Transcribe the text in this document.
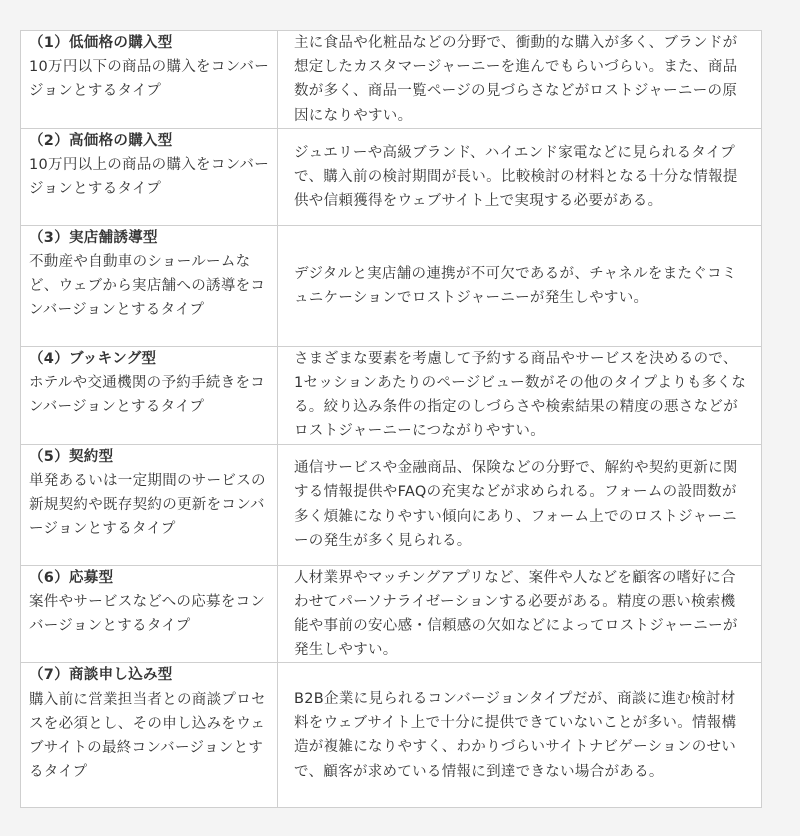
（1）低価格の購入型
10万円以下の商品の購入をコンバージョンとするタイプ	主に食品や化粧品などの分野で、衝動的な購入が多く、ブランドが想定したカスタマージャーニーを進んでもらいづらい。また、商品数が多く、商品一覧ページの見づらさなどがロストジャーニーの原因になりやすい。

（2）高価格の購入型
10万円以上の商品の購入をコンバージョンとするタイプ	ジュエリーや高級ブランド、ハイエンド家電などに見られるタイプで、購入前の検討期間が長い。比較検討の材料となる十分な情報提供や信頼獲得をウェブサイト上で実現する必要がある。

（3）実店舗誘導型
不動産や自動車のショールームなど、ウェブから実店舗への誘導をコンバージョンとするタイプ	デジタルと実店舗の連携が不可欠であるが、チャネルをまたぐコミュニケーションでロストジャーニーが発生しやすい。

（4）ブッキング型
ホテルや交通機関の予約手続きをコンバージョンとするタイプ	さまざまな要素を考慮して予約する商品やサービスを決めるので、1セッションあたりのページビュー数がその他のタイプよりも多くなる。絞り込み条件の指定のしづらさや検索結果の精度の悪さなどがロストジャーニーにつながりやすい。

（5）契約型
単発あるいは一定期間のサービスの新規契約や既存契約の更新をコンバージョンとするタイプ	通信サービスや金融商品、保険などの分野で、解約や契約更新に関する情報提供やFAQの充実などが求められる。フォームの設問数が多く煩雑になりやすい傾向にあり、フォーム上でのロストジャーニーの発生が多く見られる。

（6）応募型
案件やサービスなどへの応募をコンバージョンとするタイプ	人材業界やマッチングアプリなど、案件や人などを顧客の嗜好に合わせてパーソナライゼーションする必要がある。精度の悪い検索機能や事前の安心感・信頼感の欠如などによってロストジャーニーが発生しやすい。

（7）商談申し込み型
購入前に営業担当者との商談プロセスを必須とし、その申し込みをウェブサイトの最終コンバージョンとするタイプ	B2B企業に見られるコンバージョンタイプだが、商談に進む検討材料をウェブサイト上で十分に提供できていないことが多い。情報構造が複雑になりやすく、わかりづらいサイトナビゲーションのせいで、顧客が求めている情報に到達できない場合がある。
